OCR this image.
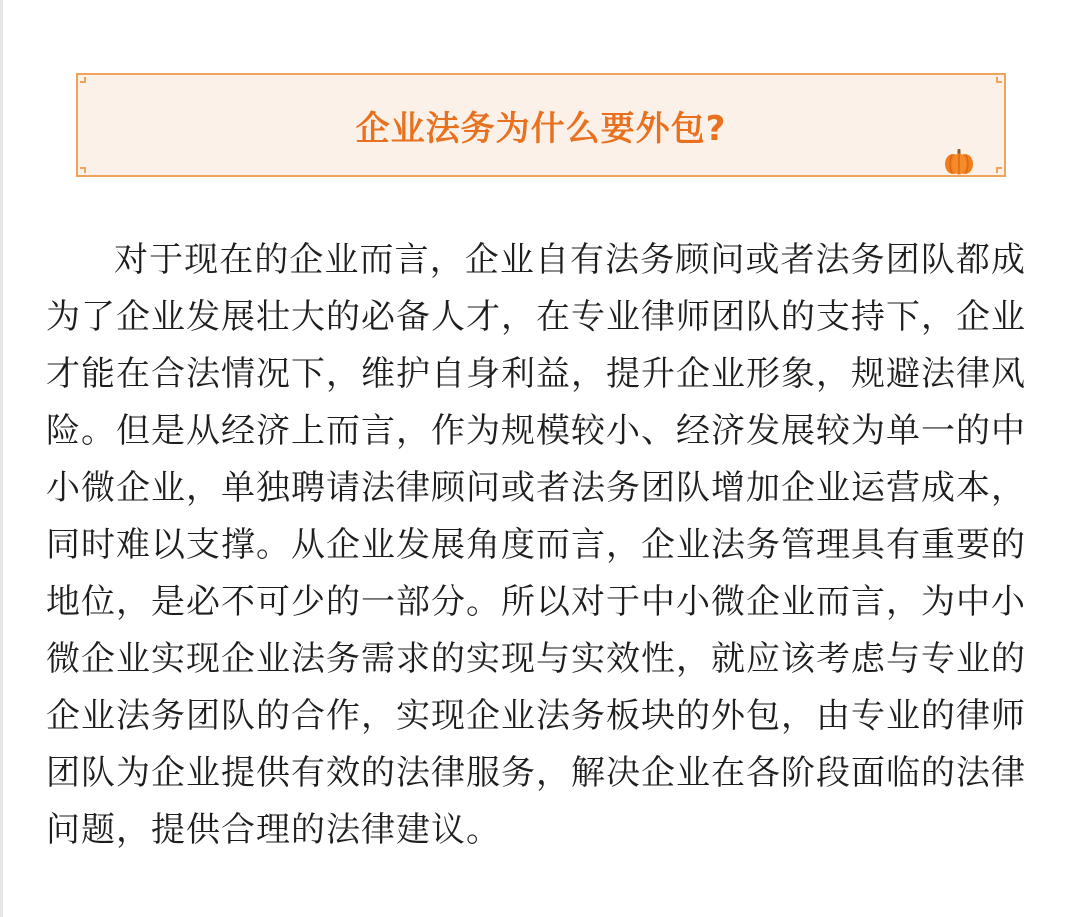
企业法务为什么要外包?

对于现在的企业而言，企业自有法务顾问或者法务团队都成为了企业发展壮大的必备人才，在专业律师团队的支持下，企业才能在合法情况下，维护自身利益，提升企业形象，规避法律风险。但是从经济上而言，作为规模较小、经济发展较为单一的中小微企业，单独聘请法律顾问或者法务团队增加企业运营成本，同时难以支撑。从企业发展角度而言，企业法务管理具有重要的地位，是必不可少的一部分。所以对于中小微企业而言，为中小微企业实现企业法务需求的实现与实效性，就应该考虑与专业的企业法务团队的合作，实现企业法务板块的外包，由专业的律师团队为企业提供有效的法律服务，解决企业在各阶段面临的法律问题，提供合理的法律建议。
